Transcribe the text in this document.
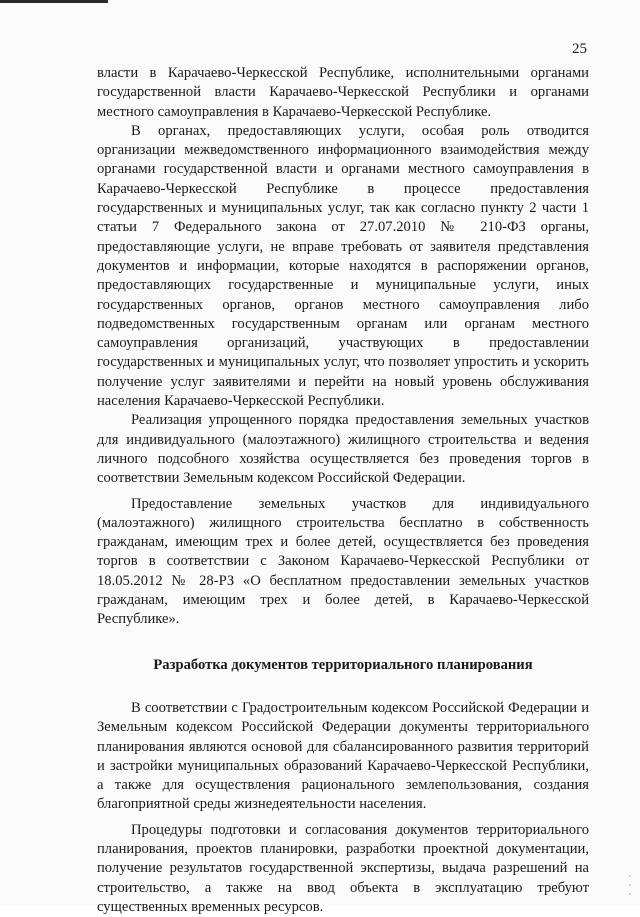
25

власти в Карачаево-Черкесской Республике, исполнительными органами государственной власти Карачаево-Черкесской Республики и органами местного самоуправления в Карачаево-Черкесской Республике.

В органах, предоставляющих услуги, особая роль отводится организации межведомственного информационного взаимодействия между органами государственной власти и органами местного самоуправления в Карачаево-Черкесской Республике в процессе предоставления государственных и муниципальных услуг, так как согласно пункту 2 части 1 статьи 7 Федерального закона от 27.07.2010 № 210-ФЗ органы, предоставляющие услуги, не вправе требовать от заявителя представления документов и информации, которые находятся в распоряжении органов, предоставляющих государственные и муниципальные услуги, иных государственных органов, органов местного самоуправления либо подведомственных государственным органам или органам местного самоуправления организаций, участвующих в предоставлении государственных и муниципальных услуг, что позволяет упростить и ускорить получение услуг заявителями и перейти на новый уровень обслуживания населения Карачаево-Черкесской Республики.

Реализация упрощенного порядка предоставления земельных участков для индивидуального (малоэтажного) жилищного строительства и ведения личного подсобного хозяйства осуществляется без проведения торгов в соответствии Земельным кодексом Российской Федерации.

Предоставление земельных участков для индивидуального (малоэтажного) жилищного строительства бесплатно в собственность гражданам, имеющим трех и более детей, осуществляется без проведения торгов в соответствии с Законом Карачаево-Черкесской Республики от 18.05.2012 № 28-РЗ «О бесплатном предоставлении земельных участков гражданам, имеющим трех и более детей, в Карачаево-Черкесской Республике».

Разработка документов территориального планирования

В соответствии с Градостроительным кодексом Российской Федерации и Земельным кодексом Российской Федерации документы территориального планирования являются основой для сбалансированного развития территорий и застройки муниципальных образований Карачаево-Черкесской Республики, а также для осуществления рационального землепользования, создания благоприятной среды жизнедеятельности населения.

Процедуры подготовки и согласования документов территориального планирования, проектов планировки, разработки проектной документации, получение результатов государственной экспертизы, выдача разрешений на строительство, а также на ввод объекта в эксплуатацию требуют существенных временных ресурсов.

·
·
·
